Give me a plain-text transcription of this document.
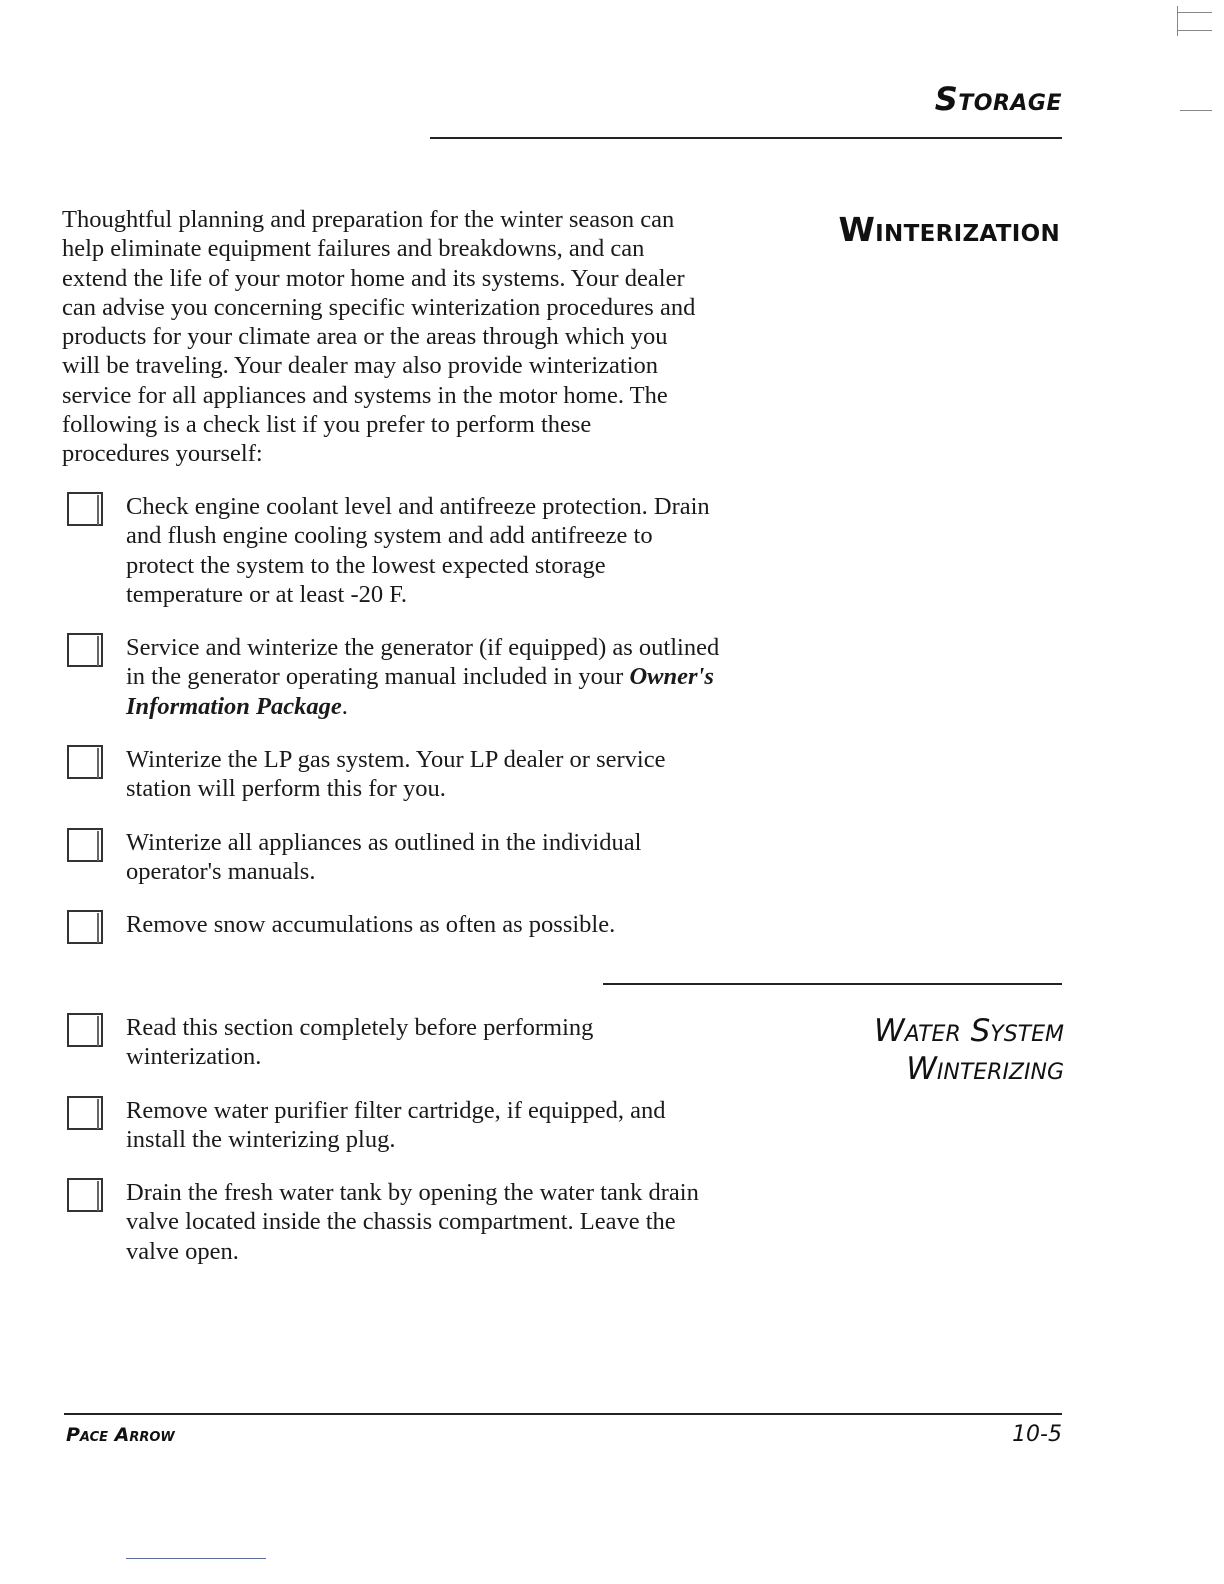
Storage
Winterization
Thoughtful planning and preparation for the winter season can help eliminate equipment failures and breakdowns, and can extend the life of your motor home and its systems. Your dealer can advise you concerning specific winterization procedures and products for your climate area or the areas through which you will be traveling. Your dealer may also provide winterization service for all appliances and systems in the motor home. The following is a check list if you prefer to perform these procedures yourself:
Check engine coolant level and antifreeze protection. Drain and flush engine cooling system and add antifreeze to protect the system to the lowest expected storage temperature or at least -20 F.
Service and winterize the generator (if equipped) as outlined in the generator operating manual included in your Owner's Information Package.
Winterize the LP gas system. Your LP dealer or service station will perform this for you.
Winterize all appliances as outlined in the individual operator's manuals.
Remove snow accumulations as often as possible.
Water System
Winterizing
Read this section completely before performing winterization.
Remove water purifier filter cartridge, if equipped, and install the winterizing plug.
Drain the fresh water tank by opening the water tank drain valve located inside the chassis compartment. Leave the valve open.
Pace Arrow	10-5
